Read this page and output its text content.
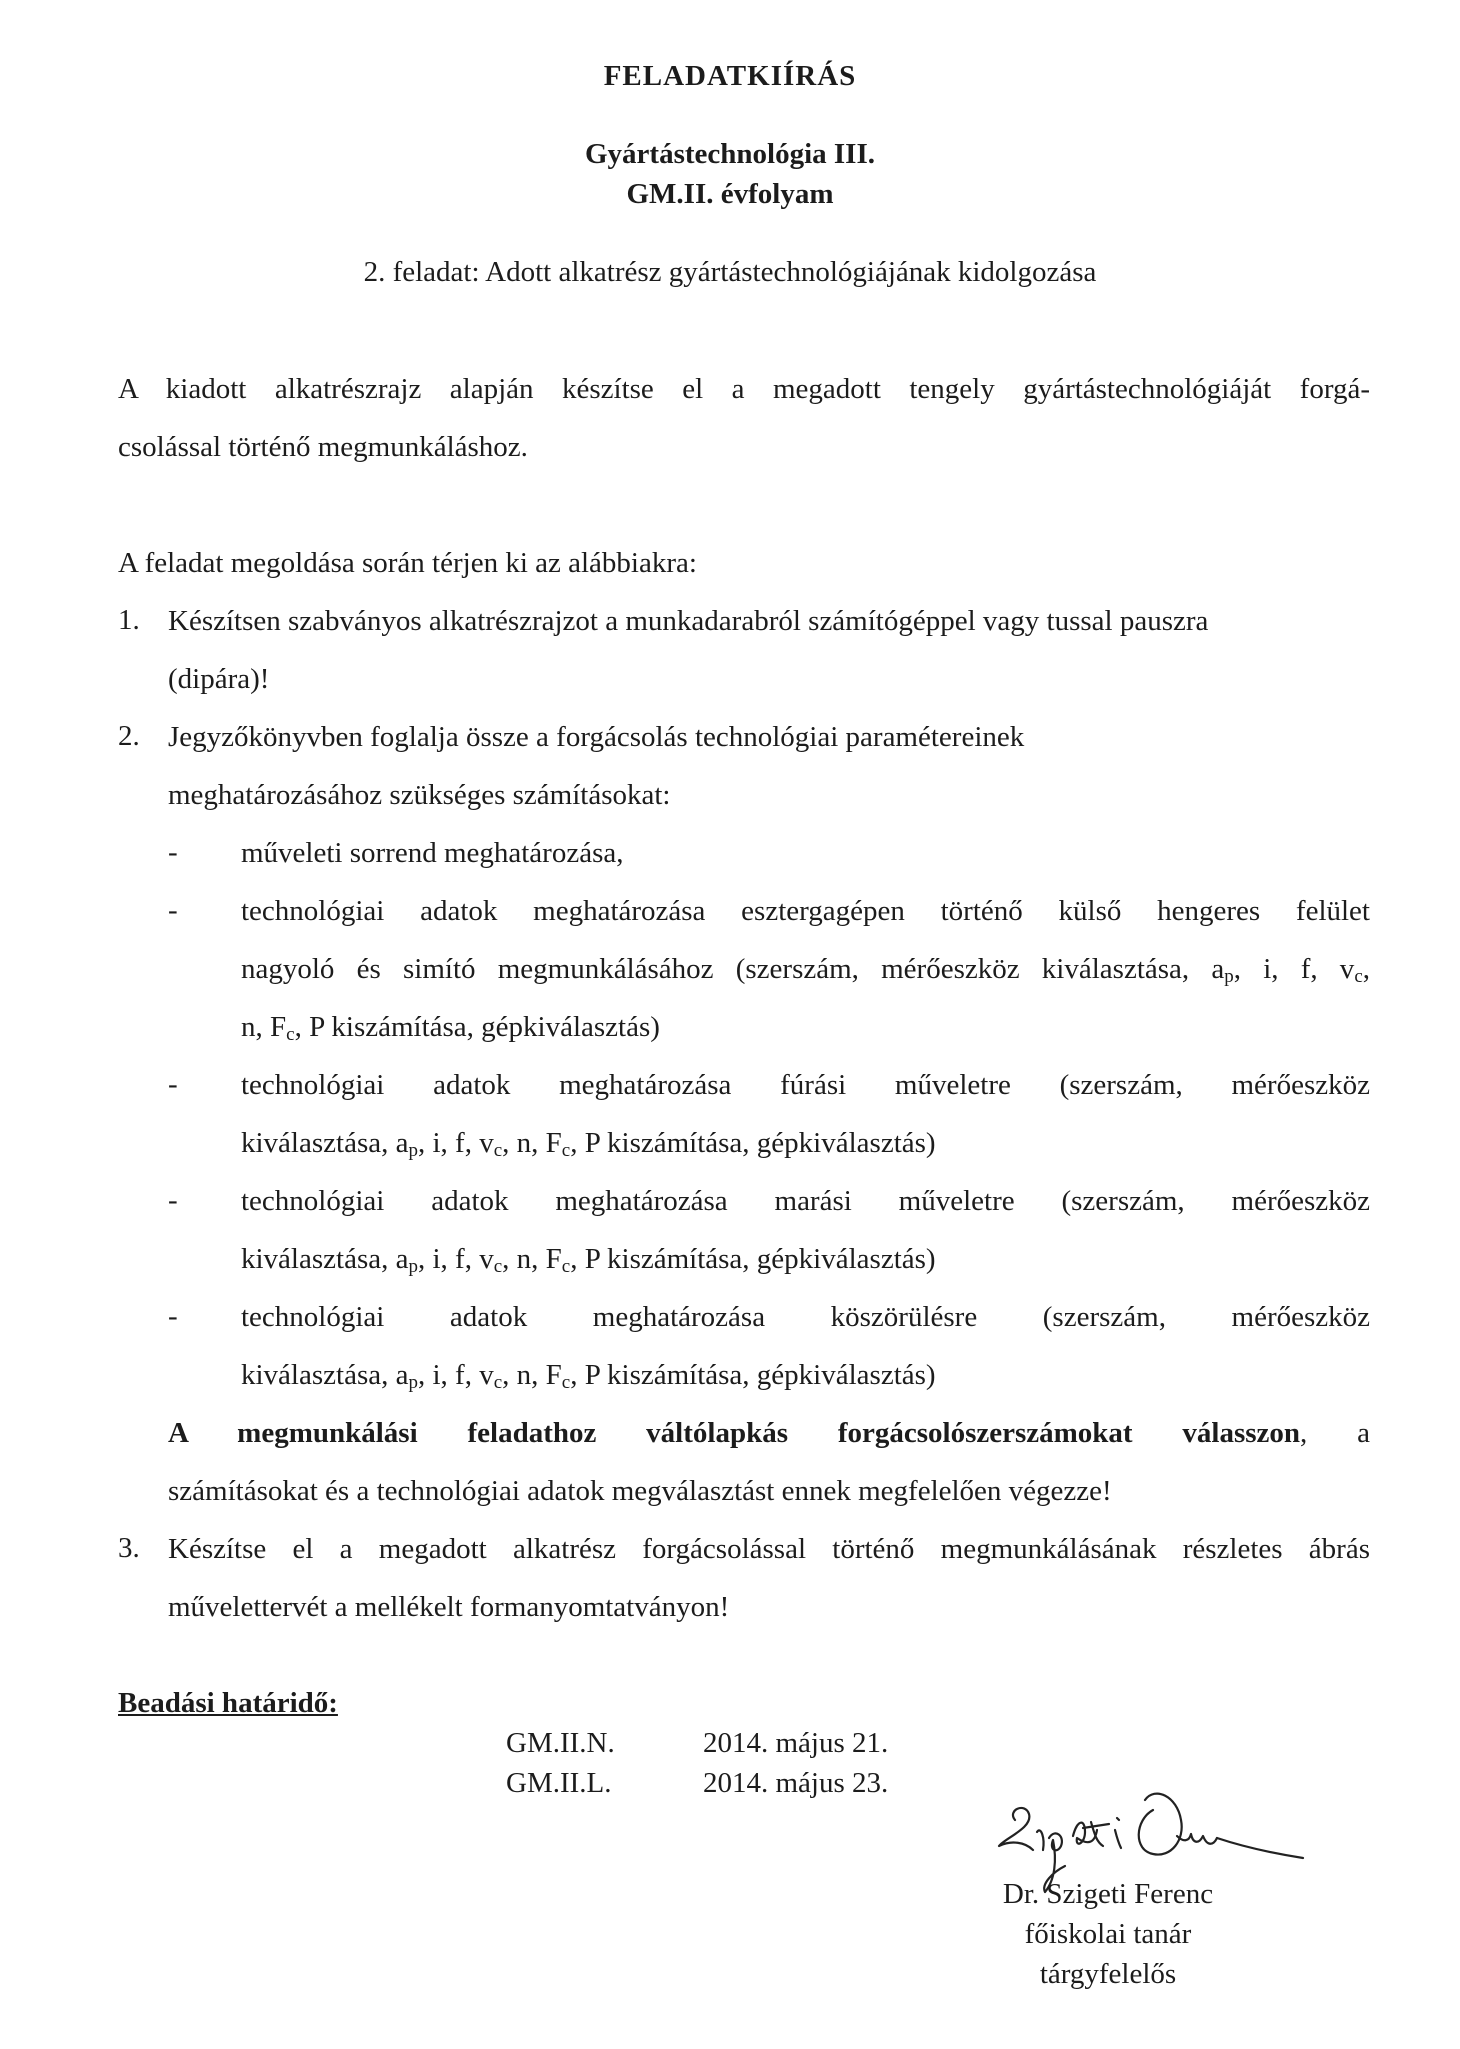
FELADATKIÍRÁS
Gyártástechnológia III.
GM.II. évfolyam
2. feladat: Adott alkatrész gyártástechnológiájának kidolgozása
A kiadott alkatrészrajz alapján készítse el a megadott tengely gyártástechnológiáját forgá-
csolással történő megmunkáláshoz.
A feladat megoldása során térjen ki az alábbiakra:
1. Készítsen szabványos alkatrészrajzot a munkadarabról számítógéppel vagy tussal pauszra
(dipára)!
2. Jegyzőkönyvben foglalja össze a forgácsolás technológiai paramétereinek
meghatározásához szükséges számításokat:
- műveleti sorrend meghatározása,
- technológiai adatok meghatározása esztergagépen történő külső hengeres felület
nagyoló és simító megmunkálásához (szerszám, mérőeszköz kiválasztása, $a_p$, i, f, $v_c$,
n, $F_c$, P kiszámítása, gépkiválasztás)
- technológiai adatok meghatározása fúrási műveletre (szerszám, mérőeszköz
kiválasztása, $a_p$, i, f, $v_c$, n, $F_c$, P kiszámítása, gépkiválasztás)
- technológiai adatok meghatározása marási műveletre (szerszám, mérőeszköz
kiválasztása, $a_p$, i, f, $v_c$, n, $F_c$, P kiszámítása, gépkiválasztás)
- technológiai adatok meghatározása köszörülésre (szerszám, mérőeszköz
kiválasztása, $a_p$, i, f, $v_c$, n, $F_c$, P kiszámítása, gépkiválasztás)
A megmunkálási feladathoz váltólapkás forgácsolószerszámokat válasszon, a
számításokat és a technológiai adatok megválasztást ennek megfelelően végezze!
3. Készítse el a megadott alkatrész forgácsolással történő megmunkálásának részletes ábrás
művelettervét a mellékelt formanyomtatványon!
Beadási határidő:
GM.II.N.	2014. május 21.
GM.II.L.	2014. május 23.
Dr. Szigeti Ferenc
főiskolai tanár
tárgyfelelős
